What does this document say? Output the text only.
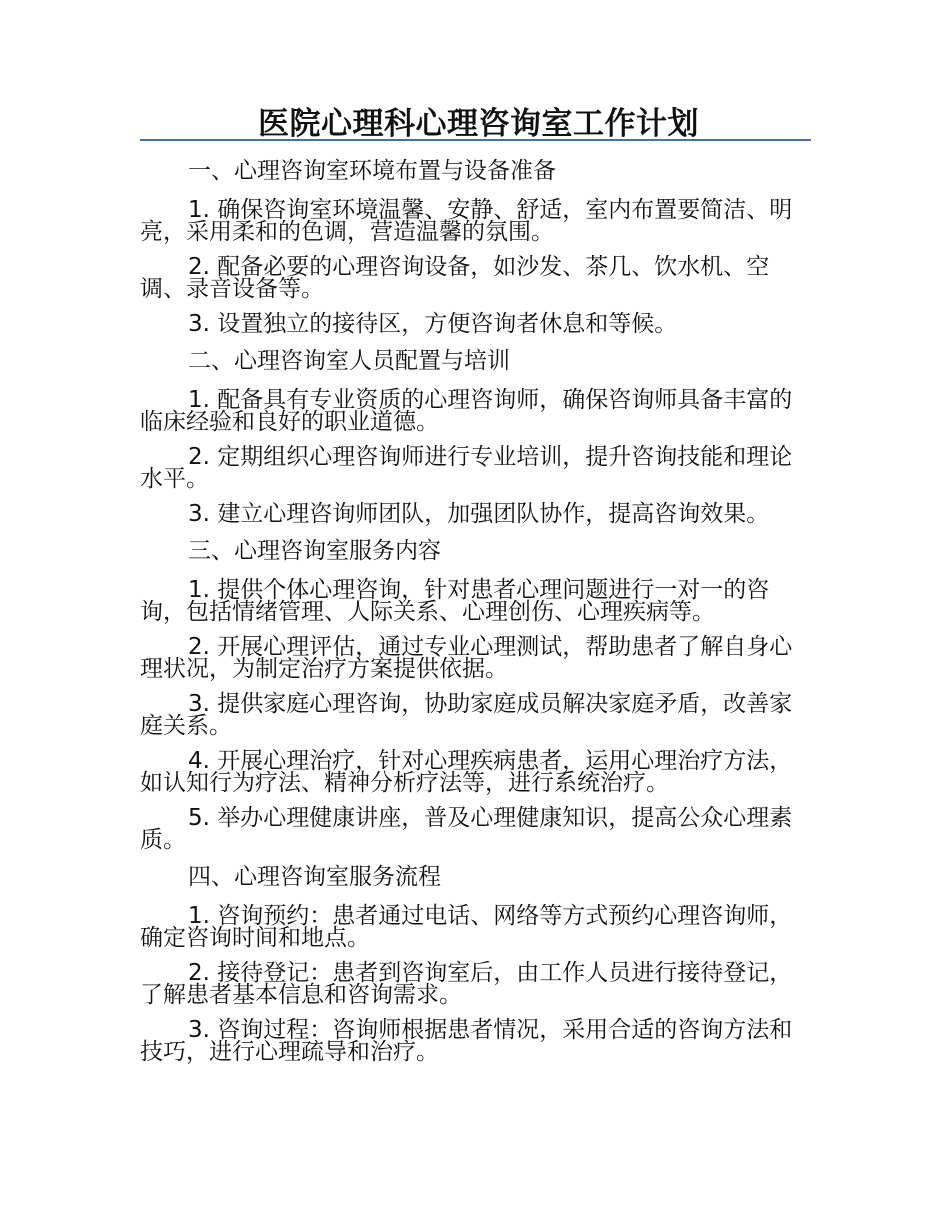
医院心理科心理咨询室工作计划

一、心理咨询室环境布置与设备准备

1. 确保咨询室环境温馨、安静、舒适，室内布置要简洁、明亮，采用柔和的色调，营造温馨的氛围。

2. 配备必要的心理咨询设备，如沙发、茶几、饮水机、空调、录音设备等。

3. 设置独立的接待区，方便咨询者休息和等候。

二、心理咨询室人员配置与培训

1. 配备具有专业资质的心理咨询师，确保咨询师具备丰富的临床经验和良好的职业道德。

2. 定期组织心理咨询师进行专业培训，提升咨询技能和理论水平。

3. 建立心理咨询师团队，加强团队协作，提高咨询效果。

三、心理咨询室服务内容

1. 提供个体心理咨询，针对患者心理问题进行一对一的咨询，包括情绪管理、人际关系、心理创伤、心理疾病等。

2. 开展心理评估，通过专业心理测试，帮助患者了解自身心理状况，为制定治疗方案提供依据。

3. 提供家庭心理咨询，协助家庭成员解决家庭矛盾，改善家庭关系。

4. 开展心理治疗，针对心理疾病患者，运用心理治疗方法，如认知行为疗法、精神分析疗法等，进行系统治疗。

5. 举办心理健康讲座，普及心理健康知识，提高公众心理素质。

四、心理咨询室服务流程

1. 咨询预约：患者通过电话、网络等方式预约心理咨询师，确定咨询时间和地点。

2. 接待登记：患者到咨询室后，由工作人员进行接待登记，了解患者基本信息和咨询需求。

3. 咨询过程：咨询师根据患者情况，采用合适的咨询方法和技巧，进行心理疏导和治疗。
